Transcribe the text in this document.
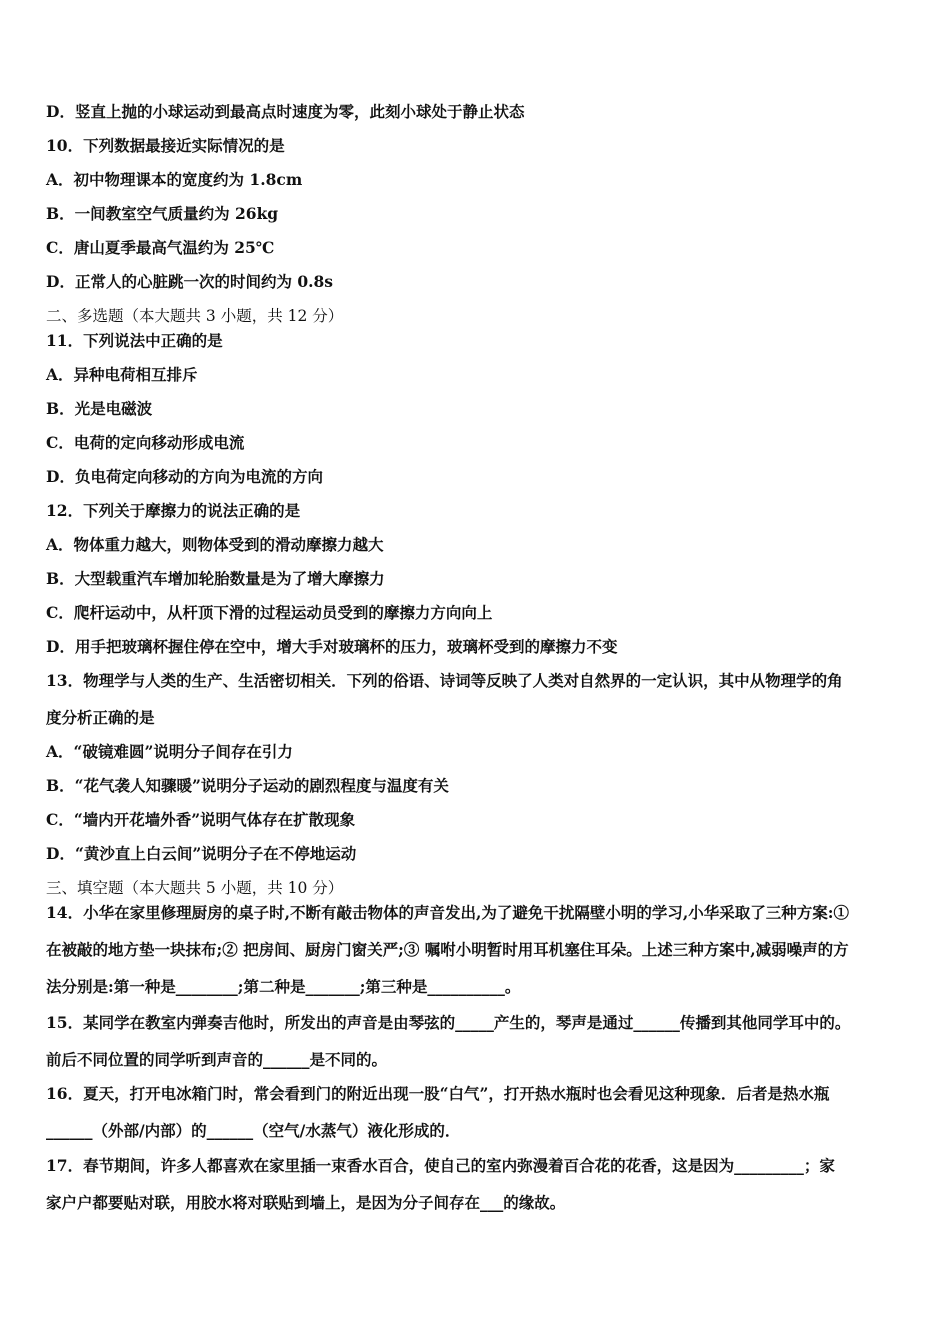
D．竖直上抛的小球运动到最高点时速度为零，此刻小球处于静止状态
10．下列数据最接近实际情况的是
A．初中物理课本的宽度约为 1.8cm
B．一间教室空气质量约为 26kg
C．唐山夏季最高气温约为 25℃
D．正常人的心脏跳一次的时间约为 0.8s
二、多选题（本大题共 3 小题，共 12 分）
11．下列说法中正确的是
A．异种电荷相互排斥
B．光是电磁波
C．电荷的定向移动形成电流
D．负电荷定向移动的方向为电流的方向
12．下列关于摩擦力的说法正确的是
A．物体重力越大，则物体受到的滑动摩擦力越大
B．大型载重汽车增加轮胎数量是为了增大摩擦力
C．爬杆运动中，从杆顶下滑的过程运动员受到的摩擦力方向向上
D．用手把玻璃杯握住停在空中，增大手对玻璃杯的压力，玻璃杯受到的摩擦力不变
13．物理学与人类的生产、生活密切相关．下列的俗语、诗词等反映了人类对自然界的一定认识，其中从物理学的角
度分析正确的是
A．“破镜难圆”说明分子间存在引力
B．“花气袭人知骤暖”说明分子运动的剧烈程度与温度有关
C．“墙内开花墙外香”说明气体存在扩散现象
D．“黄沙直上白云间”说明分子在不停地运动
三、填空题（本大题共 5 小题，共 10 分）
14．小华在家里修理厨房的桌子时,不断有敲击物体的声音发出,为了避免干扰隔壁小明的学习,小华采取了三种方案:①
在被敲的地方垫一块抹布;② 把房间、厨房门窗关严;③ 嘱咐小明暂时用耳机塞住耳朵。上述三种方案中,减弱噪声的方
法分别是:第一种是________;第二种是_______;第三种是__________。
15．某同学在教室内弹奏吉他时，所发出的声音是由琴弦的_____产生的，琴声是通过______传播到其他同学耳中的。
前后不同位置的同学听到声音的______是不同的。
16．夏天，打开电冰箱门时，常会看到门的附近出现一股“白气”，打开热水瓶时也会看见这种现象．后者是热水瓶
______（外部/内部）的______（空气/水蒸气）液化形成的．
17．春节期间，许多人都喜欢在家里插一束香水百合，使自己的室内弥漫着百合花的花香，这是因为_________；家
家户户都要贴对联，用胶水将对联贴到墙上，是因为分子间存在___的缘故。
